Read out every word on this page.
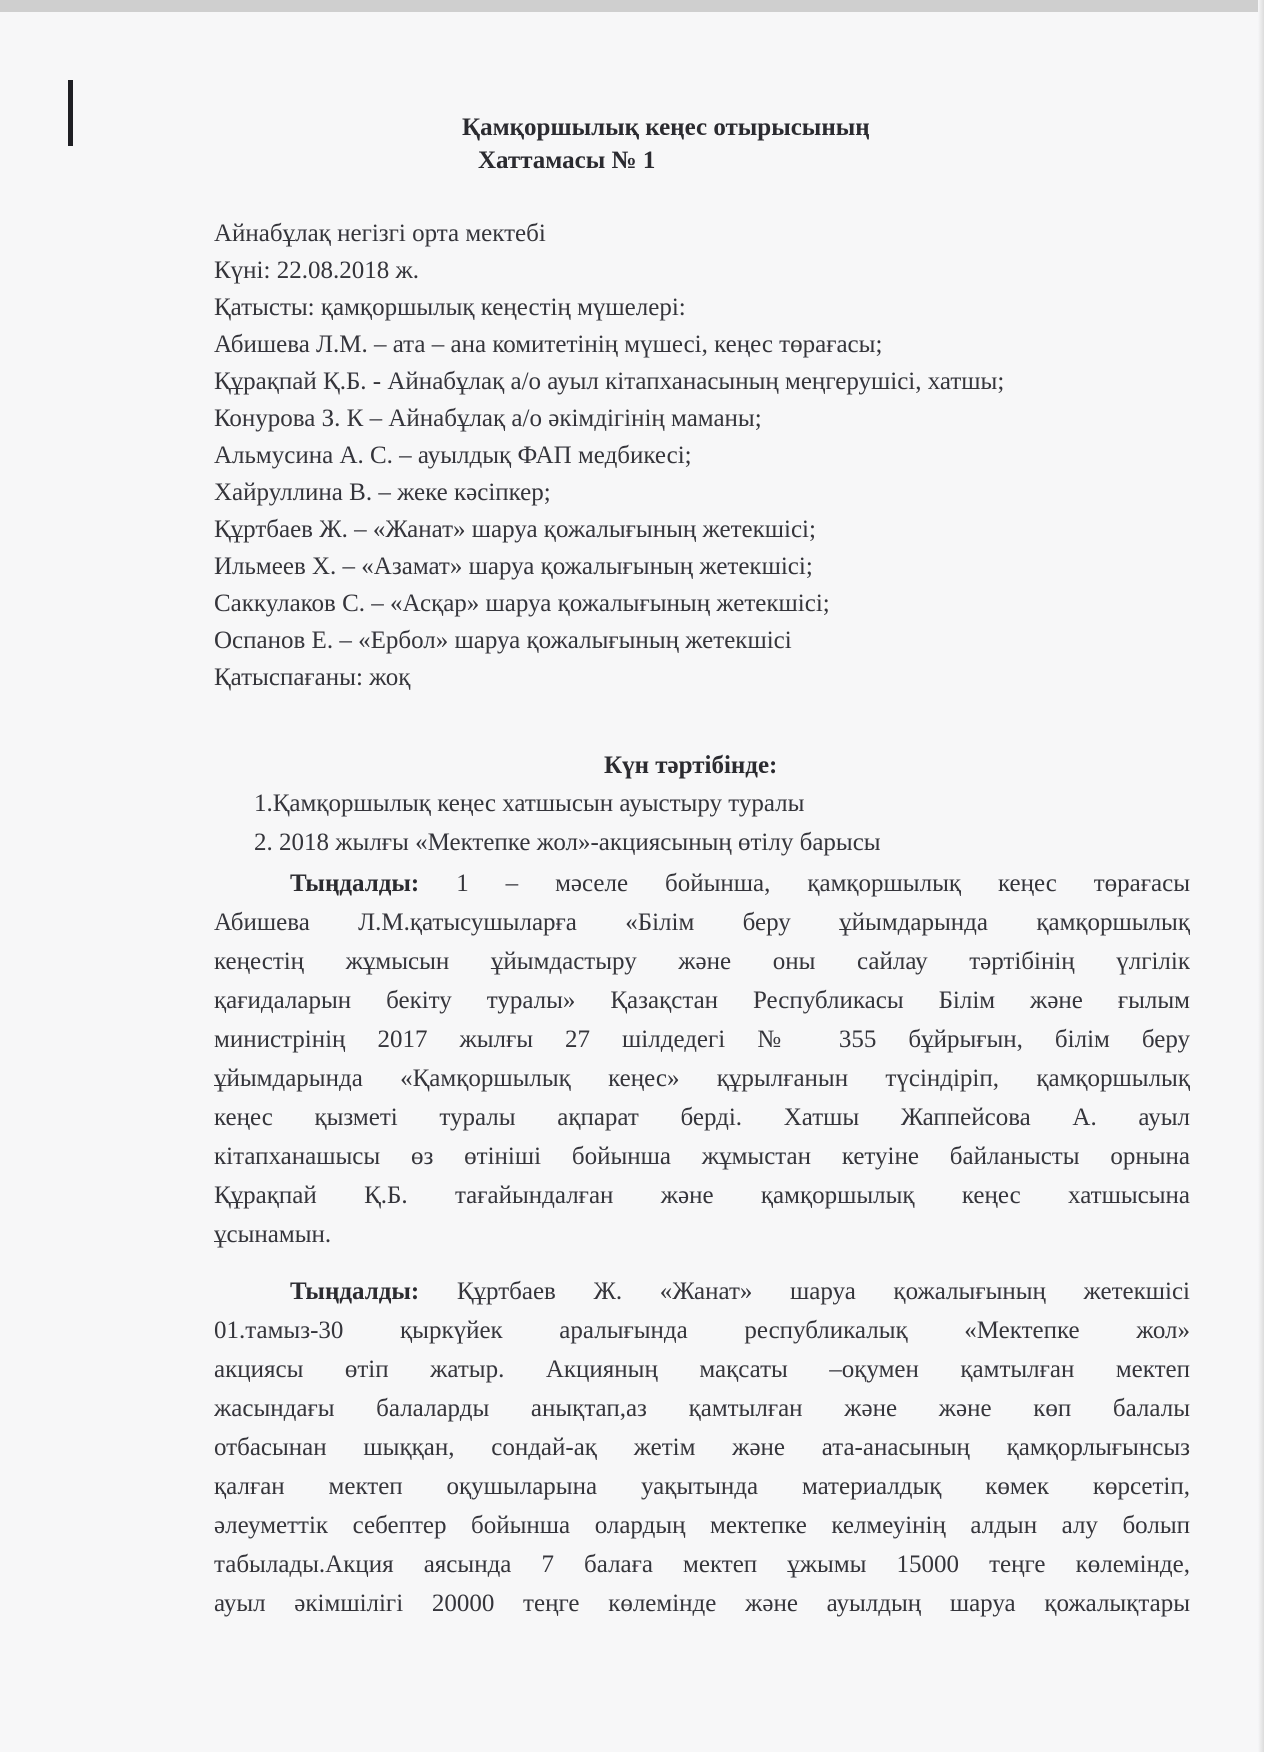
Қамқоршылық кеңес отырысының
Хаттамасы № 1
Айнабұлақ негізгі орта мектебі
Күні: 22.08.2018 ж.
Қатысты: қамқоршылық кеңестің мүшелері:
Абишева Л.М. – ата – ана комитетінің мүшесі, кеңес төрағасы;
Құрақпай Қ.Б. - Айнабұлақ а/о ауыл кітапханасының меңгерушісі, хатшы;
Конурова З. К – Айнабұлақ а/о әкімдігінің маманы;
Альмусина А. С. – ауылдық ФАП медбикесі;
Хайруллина В. – жеке кәсіпкер;
Құртбаев Ж. – «Жанат» шаруа қожалығының жетекшісі;
Ильмеев Х. – «Азамат» шаруа қожалығының жетекшісі;
Саккулаков С. – «Асқар» шаруа қожалығының жетекшісі;
Оспанов Е. – «Ербол» шаруа қожалығының жетекшісі
Қатыспағаны: жоқ
Күн тәртібінде:
1.Қамқоршылық кеңес хатшысын ауыстыру туралы
2. 2018 жылғы «Мектепке жол»-акциясының өтілу барысы
Тыңдалды: 1 – мәселе бойынша, қамқоршылық кеңес төрағасы
Абишева Л.М.қатысушыларға «Білім беру ұйымдарында қамқоршылық
кеңестің жұмысын ұйымдастыру және оны сайлау тәртібінің үлгілік
қағидаларын бекіту туралы» Қазақстан Республикасы Білім және ғылым
министрінің 2017 жылғы 27 шілдедегі № 355 бұйрығын, білім беру
ұйымдарында «Қамқоршылық кеңес» құрылғанын түсіндіріп, қамқоршылық
кеңес қызметі туралы ақпарат берді. Хатшы Жаппейсова А. ауыл
кітапханашысы өз өтініші бойынша жұмыстан кетуіне байланысты орнына
Құрақпай Қ.Б. тағайындалған және қамқоршылық кеңес хатшысына
ұсынамын.
Тыңдалды: Құртбаев Ж. «Жанат» шаруа қожалығының жетекшісі
01.тамыз-30 қыркүйек аралығында республикалық «Мектепке жол»
акциясы өтіп жатыр. Акцияның мақсаты –оқумен қамтылған мектеп
жасындағы балаларды анықтап,аз қамтылған және және көп балалы
отбасынан шыққан, сондай-ақ жетім және ата-анасының қамқорлығынсыз
қалған мектеп оқушыларына уақытында материалдық көмек көрсетіп,
әлеуметтік себептер бойынша олардың мектепке келмеуінің алдын алу болып
табылады.Акция аясында 7 балаға мектеп ұжымы 15000 теңге көлемінде,
ауыл әкімшілігі 20000 теңге көлемінде және ауылдың шаруа қожалықтары
